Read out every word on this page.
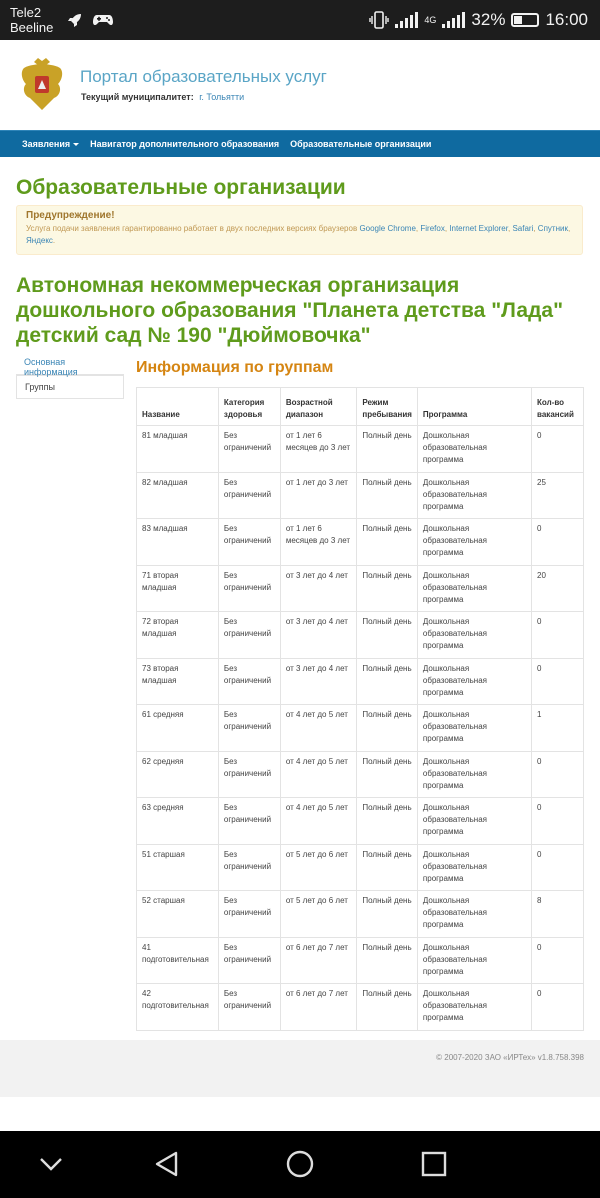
Tele2
Beeline
4G 32% 16:00
Портал образовательных услуг
Текущий муниципалитет: г. Тольятти
Заявления	Навигатор дополнительного образования Образовательные организации
Образовательные организации
Предупреждение!
Услуга подачи заявления гарантированно работает в двух последних версиях браузеров Google Chrome, Firefox, Internet Explorer, Safari, Спутник, Яндекс.
Автономная некоммерческая организация дошкольного образования "Планета детства "Лада" детский сад № 190 "Дюймовочка"
Основная информация
Группы
Информация по группам
Название	Категория здоровья	Возрастной диапазон	Режим пребывания	Программа	Кол-во вакансий
81 младшая	Без ограничений	от 1 лет 6 месяцев до 3 лет	Полный день	Дошкольная образовательная программа	0
82 младшая	Без ограничений	от 1 лет до 3 лет	Полный день	Дошкольная образовательная программа	25
83 младшая	Без ограничений	от 1 лет 6 месяцев до 3 лет	Полный день	Дошкольная образовательная программа	0
71 вторая младшая	Без ограничений	от 3 лет до 4 лет	Полный день	Дошкольная образовательная программа	20
72 вторая младшая	Без ограничений	от 3 лет до 4 лет	Полный день	Дошкольная образовательная программа	0
73 вторая младшая	Без ограничений	от 3 лет до 4 лет	Полный день	Дошкольная образовательная программа	0
61 средняя	Без ограничений	от 4 лет до 5 лет	Полный день	Дошкольная образовательная программа	1
62 средняя	Без ограничений	от 4 лет до 5 лет	Полный день	Дошкольная образовательная программа	0
63 средняя	Без ограничений	от 4 лет до 5 лет	Полный день	Дошкольная образовательная программа	0
51 старшая	Без ограничений	от 5 лет до 6 лет	Полный день	Дошкольная образовательная программа	0
52 старшая	Без ограничений	от 5 лет до 6 лет	Полный день	Дошкольная образовательная программа	8
41 подготовительная	Без ограничений	от 6 лет до 7 лет	Полный день	Дошкольная образовательная программа	0
42 подготовительная	Без ограничений	от 6 лет до 7 лет	Полный день	Дошкольная образовательная программа	0
© 2007-2020 ЗАО «ИРТех» v1.8.758.398
